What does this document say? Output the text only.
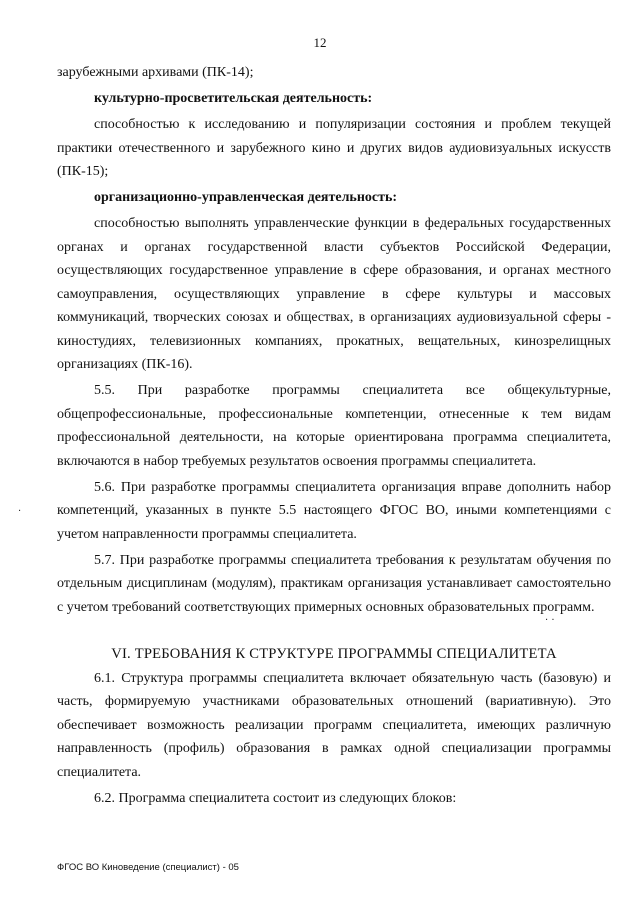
12

зарубежными архивами (ПК-14);

культурно-просветительская деятельность:

способностью к исследованию и популяризации состояния и проблем текущей практики отечественного и зарубежного кино и других видов аудиовизуальных искусств (ПК-15);

организационно-управленческая деятельность:

способностью выполнять управленческие функции в федеральных государственных органах и органах государственной власти субъектов Российской Федерации, осуществляющих государственное управление в сфере образования, и органах местного самоуправления, осуществляющих управление в сфере культуры и массовых коммуникаций, творческих союзах и обществах, в организациях аудиовизуальной сферы - киностудиях, телевизионных компаниях, прокатных, вещательных, кинозрелищных организациях (ПК-16).

5.5. При разработке программы специалитета все общекультурные, общепрофессиональные, профессиональные компетенции, отнесенные к тем видам профессиональной деятельности, на которые ориентирована программа специалитета, включаются в набор требуемых результатов освоения программы специалитета.

5.6. При разработке программы специалитета организация вправе дополнить набор компетенций, указанных в пункте 5.5 настоящего ФГОС ВО, иными компетенциями с учетом направленности программы специалитета.

5.7. При разработке программы специалитета требования к результатам обучения по отдельным дисциплинам (модулям), практикам организация устанавливает самостоятельно с учетом требований соответствующих примерных основных образовательных программ.

VI. ТРЕБОВАНИЯ К СТРУКТУРЕ ПРОГРАММЫ СПЕЦИАЛИТЕТА

6.1. Структура программы специалитета включает обязательную часть (базовую) и часть, формируемую участниками образовательных отношений (вариативную). Это обеспечивает возможность реализации программ специалитета, имеющих различную направленность (профиль) образования в рамках одной специализации программы специалитета.

6.2. Программа специалитета состоит из следующих блоков:

·
· ·
ФГОС ВО Киноведение (специалист) - 05
